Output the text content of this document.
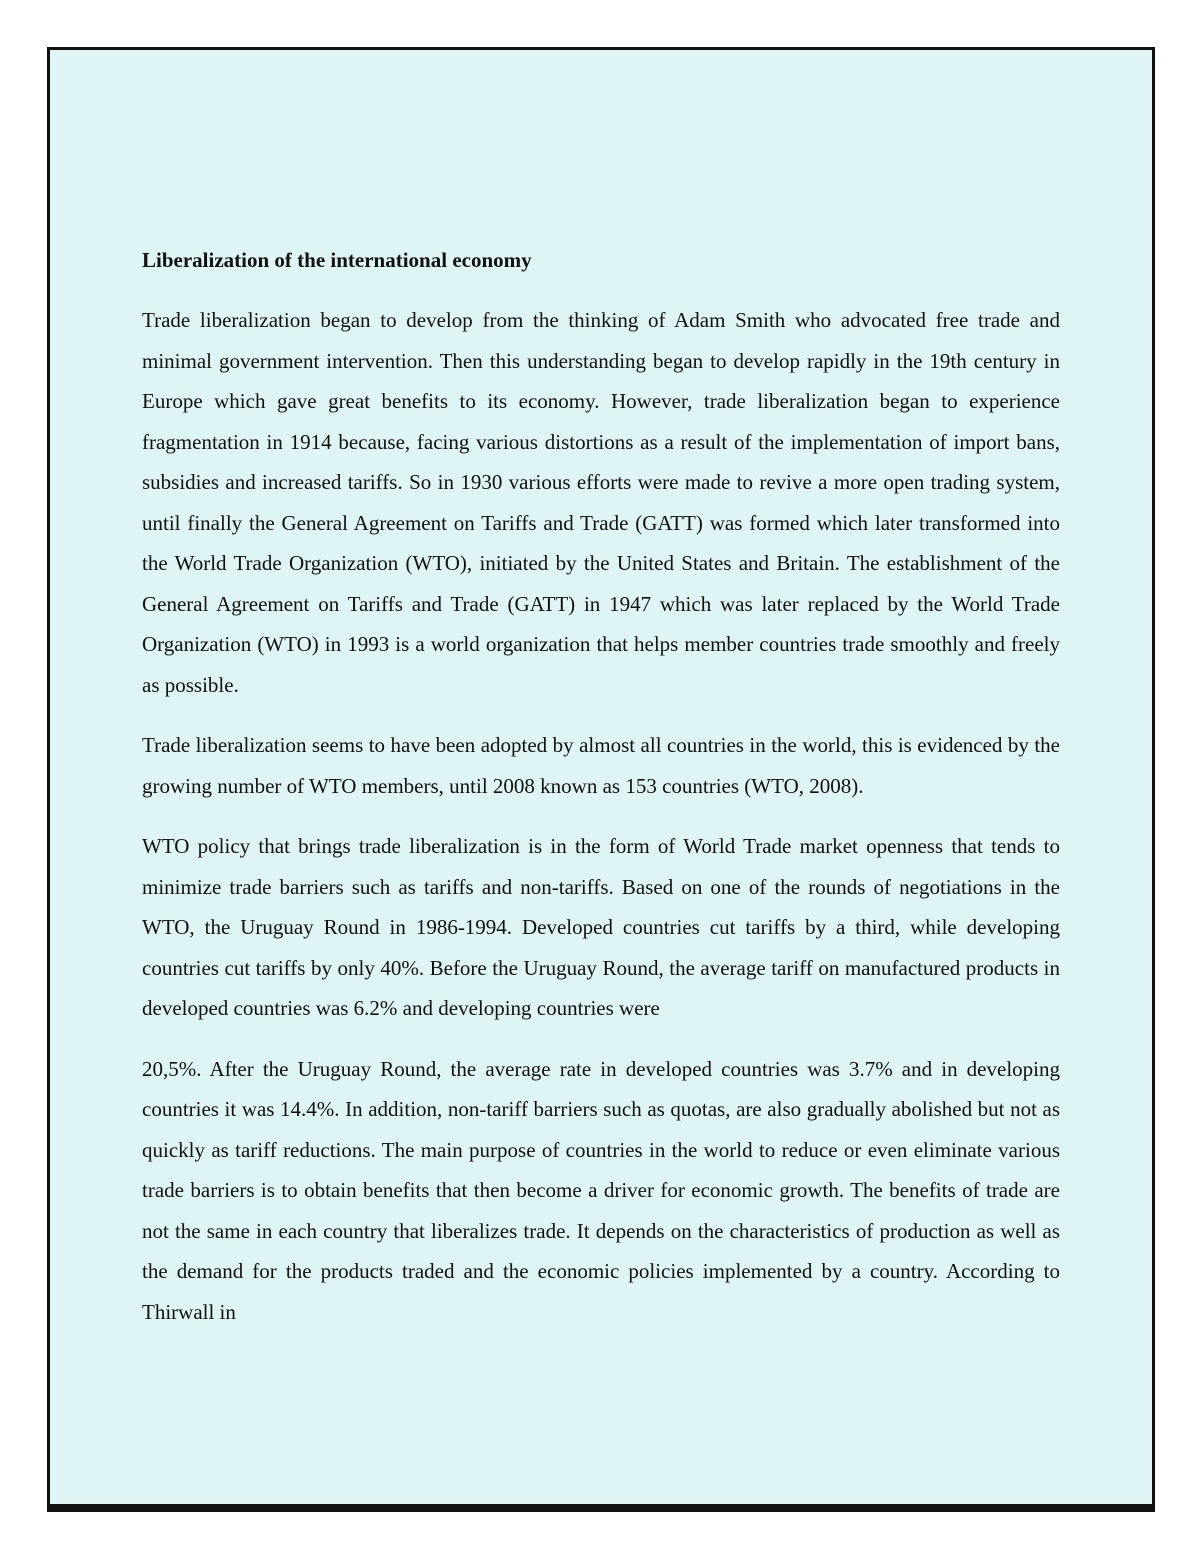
Liberalization of the international economy

Trade liberalization began to develop from the thinking of Adam Smith who advocated free trade and minimal government intervention. Then this understanding began to develop rapidly in the 19th century in Europe which gave great benefits to its economy. However, trade liberalization began to experience fragmentation in 1914 because, facing various distortions as a result of the implementation of import bans, subsidies and increased tariffs. So in 1930 various efforts were made to revive a more open trading system, until finally the General Agreement on Tariffs and Trade (GATT) was formed which later transformed into the World Trade Organization (WTO), initiated by the United States and Britain. The establishment of the General Agreement on Tariffs and Trade (GATT) in 1947 which was later replaced by the World Trade Organization (WTO) in 1993 is a world organization that helps member countries trade smoothly and freely as possible.

Trade liberalization seems to have been adopted by almost all countries in the world, this is evidenced by the growing number of WTO members, until 2008 known as 153 countries (WTO, 2008).

WTO policy that brings trade liberalization is in the form of World Trade market openness that tends to minimize trade barriers such as tariffs and non-tariffs. Based on one of the rounds of negotiations in the WTO, the Uruguay Round in 1986-1994. Developed countries cut tariffs by a third, while developing countries cut tariffs by only 40%. Before the Uruguay Round, the average tariff on manufactured products in developed countries was 6.2% and developing countries were

20,5%. After the Uruguay Round, the average rate in developed countries was 3.7% and in developing countries it was 14.4%. In addition, non-tariff barriers such as quotas, are also gradually abolished but not as quickly as tariff reductions. The main purpose of countries in the world to reduce or even eliminate various trade barriers is to obtain benefits that then become a driver for economic growth. The benefits of trade are not the same in each country that liberalizes trade. It depends on the characteristics of production as well as the demand for the products traded and the economic policies implemented by a country. According to Thirwall in
